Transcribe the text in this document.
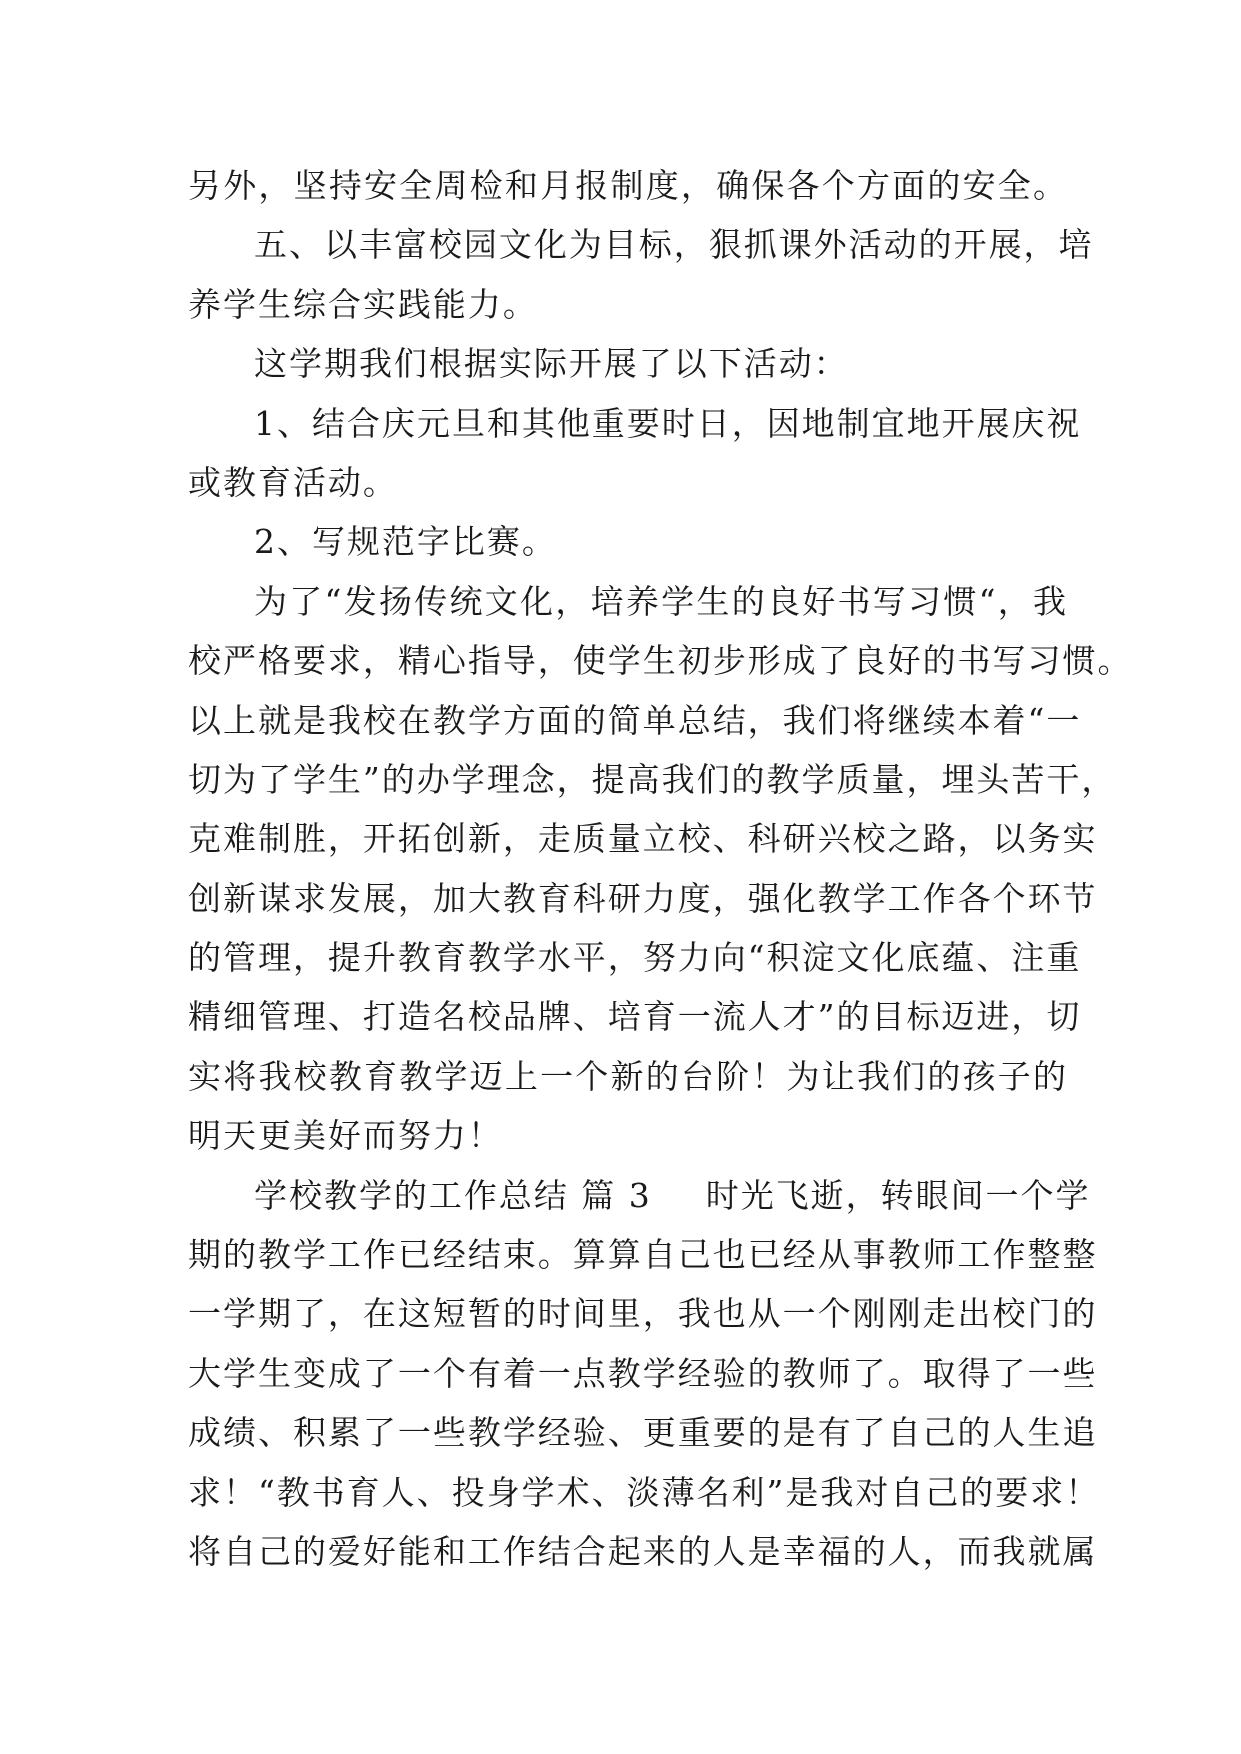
另外，坚持安全周检和月报制度，确保各个方面的安全。
五、以丰富校园文化为目标，狠抓课外活动的开展，培
养学生综合实践能力。
这学期我们根据实际开展了以下活动：
1、结合庆元旦和其他重要时日，因地制宜地开展庆祝
或教育活动。
2、写规范字比赛。
为了“发扬传统文化，培养学生的良好书写习惯“，我
校严格要求，精心指导，使学生初步形成了良好的书写习惯。
以上就是我校在教学方面的简单总结，我们将继续本着“一
切为了学生”的办学理念，提高我们的教学质量，埋头苦干，
克难制胜，开拓创新，走质量立校、科研兴校之路，以务实
创新谋求发展，加大教育科研力度，强化教学工作各个环节
的管理，提升教育教学水平，努力向“积淀文化底蕴、注重
精细管理、打造名校品牌、培育一流人才”的目标迈进，切
实将我校教育教学迈上一个新的台阶！为让我们的孩子的
明天更美好而努力！
学校教学的工作总结 篇 3 时光飞逝，转眼间一个学
期的教学工作已经结束。算算自己也已经从事教师工作整整
一学期了，在这短暂的时间里，我也从一个刚刚走出校门的
大学生变成了一个有着一点教学经验的教师了。取得了一些
成绩、积累了一些教学经验、更重要的是有了自己的人生追
求！“教书育人、投身学术、淡薄名利”是我对自己的要求！
将自己的爱好能和工作结合起来的人是幸福的人，而我就属
